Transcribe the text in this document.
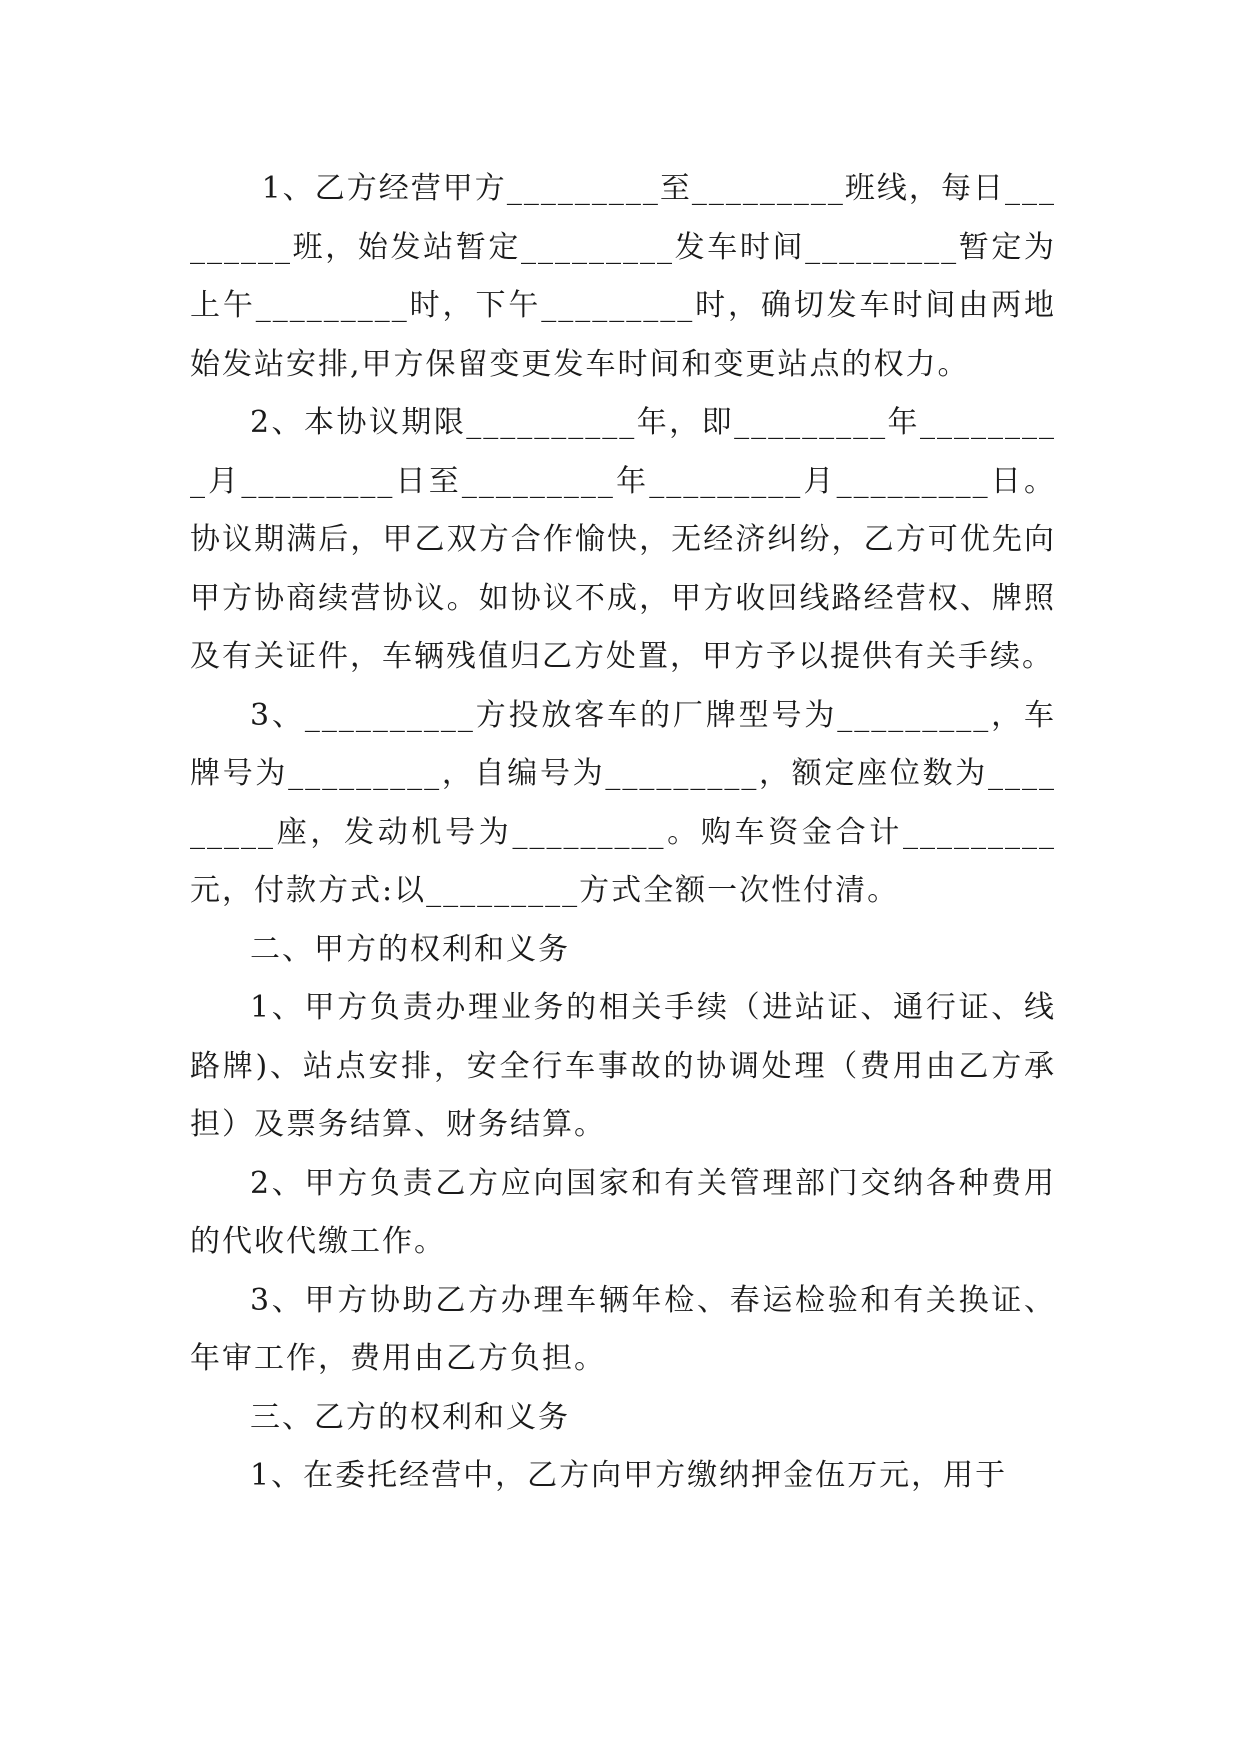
1、乙方经营甲方_________至_________班线，每日_________班，始发站暂定_________发车时间_________暂定为上午_________时，下午_________时，确切发车时间由两地始发站安排,甲方保留变更发车时间和变更站点的权力。

2、本协议期限__________年，即_________年_________月_________日至_________年_________月_________日。协议期满后，甲乙双方合作愉快，无经济纠纷，乙方可优先向甲方协商续营协议。如协议不成，甲方收回线路经营权、牌照及有关证件，车辆残值归乙方处置，甲方予以提供有关手续。

3、__________方投放客车的厂牌型号为_________，车牌号为_________，自编号为_________，额定座位数为_________座，发动机号为_________。购车资金合计_________元，付款方式:以_________方式全额一次性付清。

二、甲方的权利和义务

1、甲方负责办理业务的相关手续（进站证、通行证、线路牌)、站点安排，安全行车事故的协调处理（费用由乙方承担）及票务结算、财务结算。

2、甲方负责乙方应向国家和有关管理部门交纳各种费用的代收代缴工作。

3、甲方协助乙方办理车辆年检、春运检验和有关换证、年审工作，费用由乙方负担。

三、乙方的权利和义务

1、在委托经营中，乙方向甲方缴纳押金伍万元，用于
